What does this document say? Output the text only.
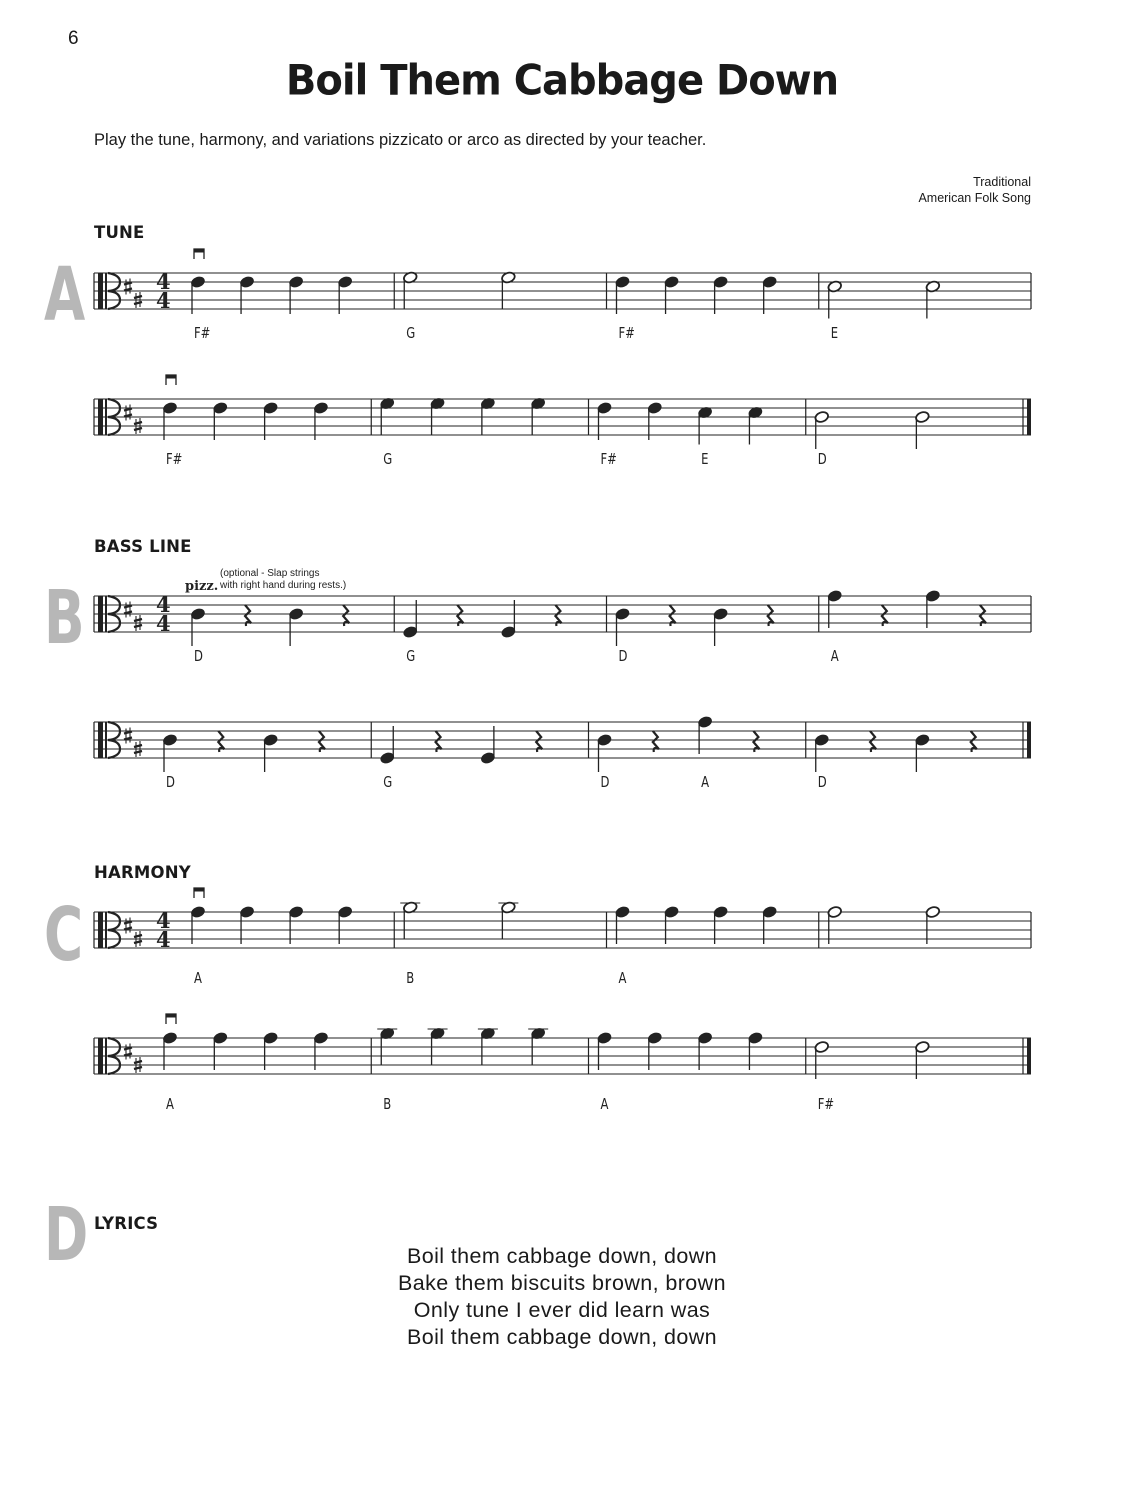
6
Boil Them Cabbage Down
Play the tune, harmony, and variations pizzicato or arco as directed by your teacher.
Traditional
American Folk Song
A
TUNE
B
BASS LINE
C
HARMONY
D LYRICS
4
4
F#	G	F#	E
F#	G	F#	E	D
4
4
D	G	D	A
pizz.
(optional - Slap strings
with right hand during rests.)
D	G	D	A	D
4
4
A	B	A
A	B	A	F#
Boil them cabbage down, down
Bake them biscuits brown, brown
Only tune I ever did learn was
Boil them cabbage down, down
